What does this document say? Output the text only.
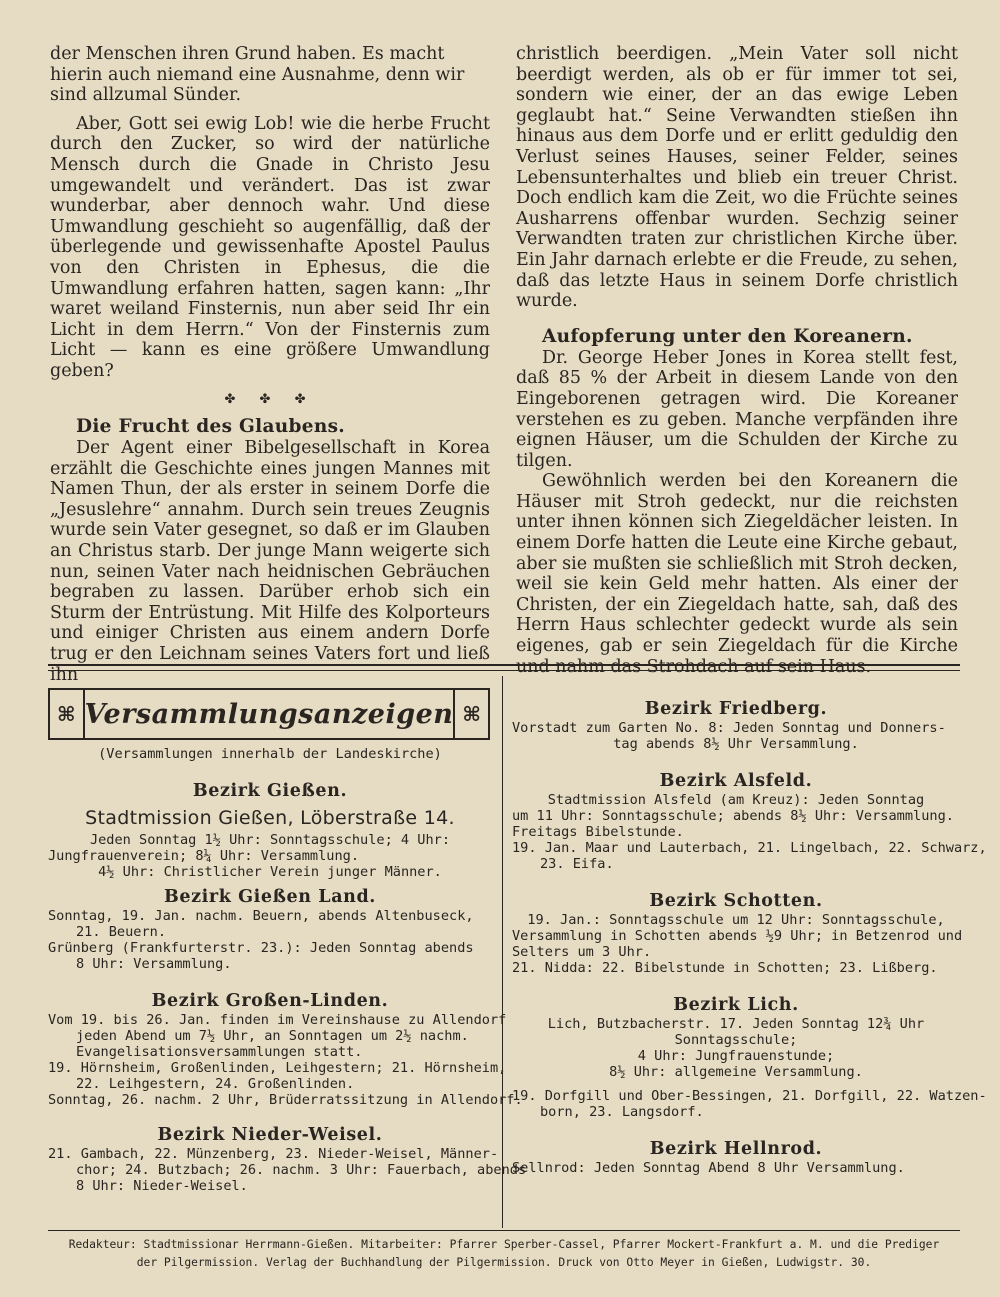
der Menschen ihren Grund haben. Es macht

hierin auch niemand eine Ausnahme, denn wir

sind allzumal Sünder.

Aber, Gott sei ewig Lob! wie die herbe Frucht durch den Zucker, so wird der natürliche Mensch durch die Gnade in Christo Jesu umgewandelt und verändert. Das ist zwar wunderbar, aber dennoch wahr. Und diese Umwandlung geschieht so augenfällig, daß der überlegende und gewissenhafte Apostel Paulus von den Christen in Ephesus, die die Umwandlung erfahren hatten, sagen kann: „Ihr waret weiland Finsternis, nun aber seid Ihr ein Licht in dem Herrn.“ Von der Finsternis zum Licht — kann es eine größere Umwandlung geben?

✤ ✤ ✤

Die Frucht des Glaubens.

Der Agent einer Bibelgesellschaft in Korea erzählt die Geschichte eines jungen Mannes mit Namen Thun, der als erster in seinem Dorfe die „Jesuslehre“ annahm. Durch sein treues Zeugnis wurde sein Vater gesegnet, so daß er im Glauben an Christus starb. Der junge Mann weigerte sich nun, seinen Vater nach heidnischen Gebräuchen begraben zu lassen. Darüber erhob sich ein Sturm der Entrüstung. Mit Hilfe des Kolporteurs und einiger Christen aus einem andern Dorfe trug er den Leichnam seines Vaters fort und ließ ihn

christlich beerdigen. „Mein Vater soll nicht beerdigt werden, als ob er für immer tot sei, sondern wie einer, der an das ewige Leben geglaubt hat.“ Seine Verwandten stießen ihn hinaus aus dem Dorfe und er erlitt geduldig den Verlust seines Hauses, seiner Felder, seines Lebensunterhaltes und blieb ein treuer Christ. Doch endlich kam die Zeit, wo die Früchte seines Ausharrens offenbar wurden. Sechzig seiner Verwandten traten zur christlichen Kirche über. Ein Jahr darnach erlebte er die Freude, zu sehen, daß das letzte Haus in seinem Dorfe christlich wurde.

Aufopferung unter den Koreanern.

Dr. George Heber Jones in Korea stellt fest, daß 85 % der Arbeit in diesem Lande von den Eingeborenen getragen wird. Die Koreaner verstehen es zu geben. Manche verpfänden ihre eignen Häuser, um die Schulden der Kirche zu tilgen.

Gewöhnlich werden bei den Koreanern die Häuser mit Stroh gedeckt, nur die reichsten unter ihnen können sich Ziegeldächer leisten. In einem Dorfe hatten die Leute eine Kirche gebaut, aber sie mußten sie schließlich mit Stroh decken, weil sie kein Geld mehr hatten. Als einer der Christen, der ein Ziegeldach hatte, sah, daß des Herrn Haus schlechter gedeckt wurde als sein eigenes, gab er sein Ziegeldach für die Kirche und nahm das Strohdach auf sein Haus.

⌘ Versammlungsanzeigen ⌘

(Versammlungen innerhalb der Landeskirche)

Bezirk Gießen.

Stadtmission Gießen, Löberstraße 14.

Jeden Sonntag 1½ Uhr: Sonntagsschule; 4 Uhr:

Jungfrauenverein; 8¼ Uhr: Versammlung.

4½ Uhr: Christlicher Verein junger Männer.

Bezirk Gießen Land.

Sonntag, 19. Jan. nachm. Beuern, abends Altenbuseck,

21. Beuern.

Grünberg (Frankfurterstr. 23.): Jeden Sonntag abends

8 Uhr: Versammlung.

Bezirk Großen-Linden.

Vom 19. bis 26. Jan. finden im Vereinshause zu Allendorf

jeden Abend um 7½ Uhr, an Sonntagen um 2½ nachm.

Evangelisationsversammlungen statt.

19. Hörnsheim, Großenlinden, Leihgestern; 21. Hörnsheim,

22. Leihgestern, 24. Großenlinden.

Sonntag, 26. nachm. 2 Uhr, Brüderratssitzung in Allendorf.

Bezirk Nieder-Weisel.

21. Gambach, 22. Münzenberg, 23. Nieder-Weisel, Männer-

chor; 24. Butzbach; 26. nachm. 3 Uhr: Fauerbach, abends

8 Uhr: Nieder-Weisel.

Bezirk Friedberg.

Vorstadt zum Garten No. 8: Jeden Sonntag und Donners-

tag abends 8½ Uhr Versammlung.

Bezirk Alsfeld.

Stadtmission Alsfeld (am Kreuz): Jeden Sonntag

um 11 Uhr: Sonntagsschule; abends 8½ Uhr: Versammlung.

Freitags Bibelstunde.

19. Jan. Maar und Lauterbach, 21. Lingelbach, 22. Schwarz,

23. Eifa.

Bezirk Schotten.

19. Jan.: Sonntagsschule um 12 Uhr: Sonntagsschule,

Versammlung in Schotten abends ½9 Uhr; in Betzenrod und

Selters um 3 Uhr.

21. Nidda: 22. Bibelstunde in Schotten; 23. Lißberg.

Bezirk Lich.

Lich, Butzbacherstr. 17. Jeden Sonntag 12¾ Uhr

Sonntagsschule;

4 Uhr: Jungfrauenstunde;

8½ Uhr: allgemeine Versammlung.

19. Dorfgill und Ober-Bessingen, 21. Dorfgill, 22. Watzen-

born, 23. Langsdorf.

Bezirk Hellnrod.

Sellnrod: Jeden Sonntag Abend 8 Uhr Versammlung.

Redakteur: Stadtmissionar Herrmann-Gießen. Mitarbeiter: Pfarrer Sperber-Cassel, Pfarrer Mockert-Frankfurt a. M. und die Prediger

der Pilgermission. Verlag der Buchhandlung der Pilgermission. Druck von Otto Meyer in Gießen, Ludwigstr. 30.
